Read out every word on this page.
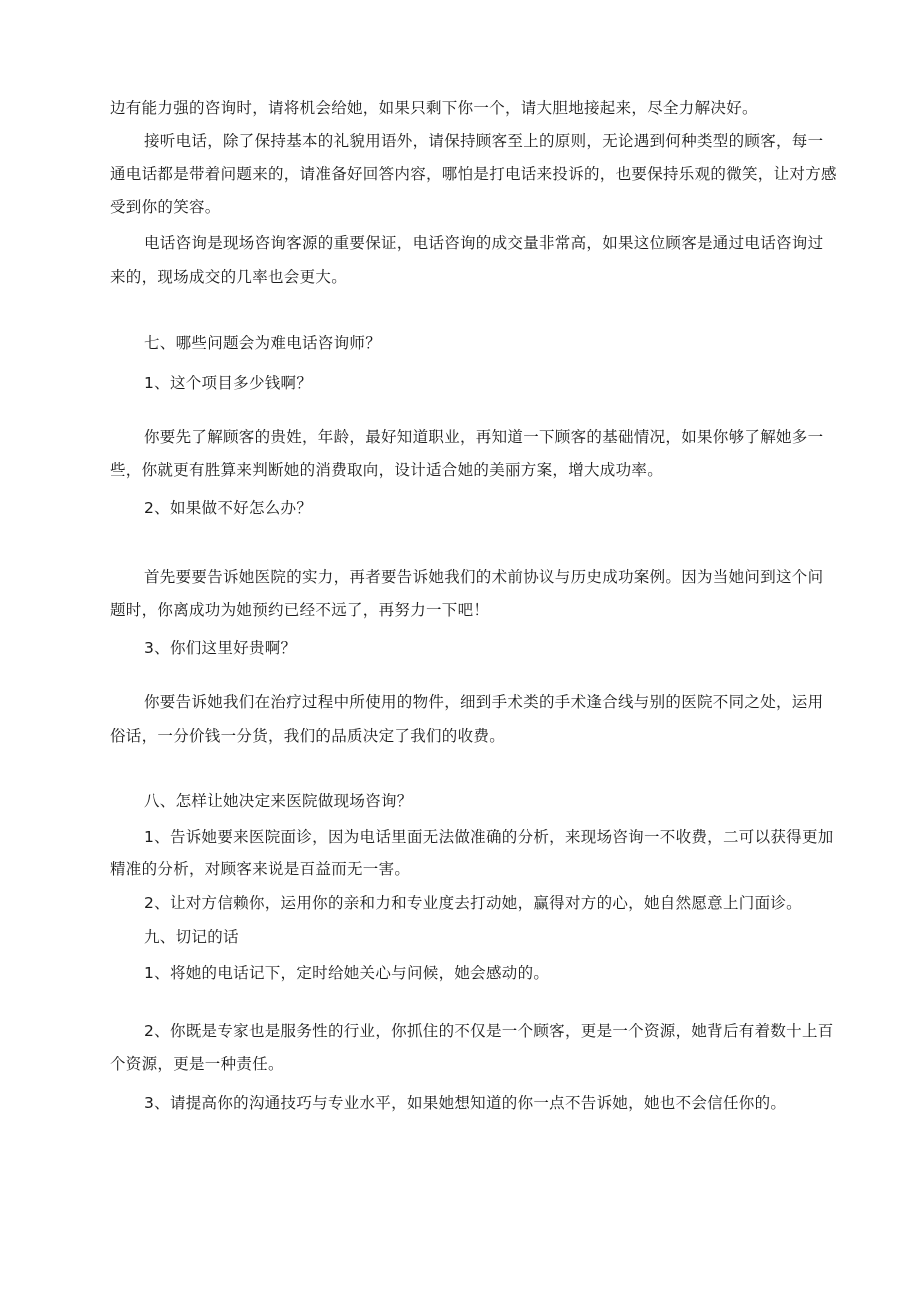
边有能力强的咨询时，请将机会给她，如果只剩下你一个，请大胆地接起来，尽全力解决好。
接听电话，除了保持基本的礼貌用语外，请保持顾客至上的原则，无论遇到何种类型的顾客，每一
通电话都是带着问题来的，请准备好回答内容，哪怕是打电话来投诉的，也要保持乐观的微笑，让对方感
受到你的笑容。
电话咨询是现场咨询客源的重要保证，电话咨询的成交量非常高，如果这位顾客是通过电话咨询过
来的，现场成交的几率也会更大。
七、哪些问题会为难电话咨询师？
1、这个项目多少钱啊？
你要先了解顾客的贵姓，年龄，最好知道职业，再知道一下顾客的基础情况，如果你够了解她多一
些，你就更有胜算来判断她的消费取向，设计适合她的美丽方案，增大成功率。
2、如果做不好怎么办？
首先要要告诉她医院的实力，再者要告诉她我们的术前协议与历史成功案例。因为当她问到这个问
题时，你离成功为她预约已经不远了，再努力一下吧！
3、你们这里好贵啊？
你要告诉她我们在治疗过程中所使用的物件，细到手术类的手术逢合线与别的医院不同之处，运用
俗话，一分价钱一分货，我们的品质决定了我们的收费。
八、怎样让她决定来医院做现场咨询？
1、告诉她要来医院面诊，因为电话里面无法做准确的分析，来现场咨询一不收费，二可以获得更加
精准的分析，对顾客来说是百益而无一害。
2、让对方信赖你，运用你的亲和力和专业度去打动她，赢得对方的心，她自然愿意上门面诊。
九、切记的话
1、将她的电话记下，定时给她关心与问候，她会感动的。
2、你既是专家也是服务性的行业，你抓住的不仅是一个顾客，更是一个资源，她背后有着数十上百
个资源，更是一种责任。
3、请提高你的沟通技巧与专业水平，如果她想知道的你一点不告诉她，她也不会信任你的。
